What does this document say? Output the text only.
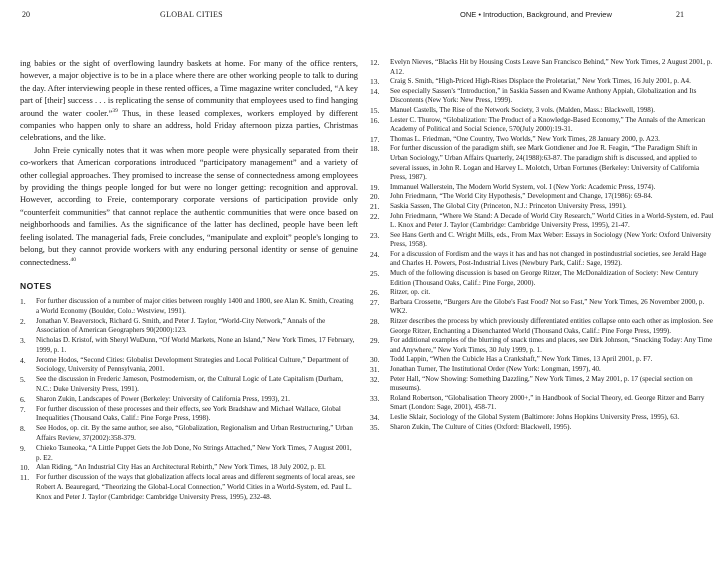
20	GLOBAL CITIES	ONE • Introduction, Background, and Preview	21

ing babies or the sight of overflowing laundry baskets at home. For many of the office renters, however, a major objective is to be in a place where there are other working people to talk to during the day. After interviewing people in these rented offices, a Time magazine writer concluded, “A key part of [their] success . . . is replicating the sense of community that employees used to find hanging around the water cooler.”$^{39}$ Thus, in these leased complexes, workers employed by different companies who happen only to share an address, hold Friday afternoon pizza parties, Christmas celebrations, and the like.

John Freie cynically notes that it was when more people were physically separated from their co-workers that American corporations introduced “participatory management” and a variety of other collegial approaches. They promised to increase the sense of connectedness among employees by providing the things people longed for but were no longer getting: recognition and approval. However, according to Freie, contemporary corporate versions of participation provide only “counterfeit communities” that cannot replace the authentic communities that were once based on neighborhoods and families. As the significance of the latter has declined, people have been left feeling isolated. The managerial fads, Freie concludes, “manipulate and exploit” people's longing to belong, but they cannot provide workers with any enduring personal identity or sense of genuine connectedness.$^{40}$

NOTES

1. For further discussion of a number of major cities between roughly 1400 and 1800, see Alan K. Smith, Creating a World Economy (Boulder, Colo.: Westview, 1991).

2. Jonathan V. Beaverstock, Richard G. Smith, and Peter J. Taylor, “World-City Network,” Annals of the Association of American Geographers 90(2000):123.

3. Nicholas D. Kristof, with Sheryl WuDunn, “Of World Markets, None an Island,” New York Times, 17 February, 1999, p. 1.

4. Jerome Hodos, “Second Cities: Globalist Development Strategies and Local Political Culture,” Department of Sociology, University of Pennsylvania, 2001.

5. See the discussion in Frederic Jameson, Postmodernism, or, the Cultural Logic of Late Capitalism (Durham, N.C.: Duke University Press, 1991).

6. Sharon Zukin, Landscapes of Power (Berkeley: University of California Press, 1993), 21.

7. For further discussion of these processes and their effects, see York Bradshaw and Michael Wallace, Global Inequalities (Thousand Oaks, Calif.: Pine Forge Press, 1998).

8. See Hodos, op. cit. By the same author, see also, “Globalization, Regionalism and Urban Restructuring,” Urban Affairs Review, 37(2002):358-379.

9. Chieko Tsuneoka, “A Little Puppet Gets the Job Done, No Strings Attached,” New York Times, 7 August 2001, p. E2.

10. Alan Riding, “An Industrial City Has an Architectural Rebirth,” New York Times, 18 July 2002, p. El.

11. For further discussion of the ways that globalization affects local areas and different segments of local areas, see Robert A. Beauregard, “Theorizing the Global-Local Connection,” World Cities in a World-System, ed. Paul L. Knox and Peter J. Taylor (Cambridge: Cambridge University Press, 1995), 232-48.

12. Evelyn Nieves, “Blacks Hit by Housing Costs Leave San Francisco Behind,” New York Times, 2 August 2001, p. A12.

13. Craig S. Smith, “High-Priced High-Rises Displace the Proletariat,” New York Times, 16 July 2001, p. A4.

14. See especially Sassen's “Introduction,” in Saskia Sassen and Kwame Anthony Appiah, Globalization and Its Discontents (New York: New Press, 1999).

15. Manuel Castells, The Rise of the Network Society, 3 vols. (Malden, Mass.: Blackwell, 1998).

16. Lester C. Thurow, “Globalization: The Product of a Knowledge-Based Economy,” The Annals of the American Academy of Political and Social Science, 570(July 2000):19-31.

17. Thomas L. Friedman, “One Country, Two Worlds,” New York Times, 28 January 2000, p. A23.

18. For further discussion of the paradigm shift, see Mark Gottdiener and Joe R. Feagin, “The Paradigm Shift in Urban Sociology,” Urban Affairs Quarterly, 24(1988):63-87. The paradigm shift is discussed, and applied to several issues, in John R. Logan and Harvey L. Molotch, Urban Fortunes (Berkeley: University of California Press, 1987).

19. Immanuel Wallerstein, The Modern World System, vol. I (New York: Academic Press, 1974).

20. John Friedmann, “The World City Hypothesis,” Development and Change, 17(1986): 69-84.

21. Saskia Sassen, The Global City (Princeton, N.J.: Princeton University Press, 1991).

22. John Friedmann, “Where We Stand: A Decade of World City Research,” World Cities in a World-System, ed. Paul L. Knox and Peter J. Taylor (Cambridge: Cambridge University Press, 1995), 21-47.

23. See Hans Gerth and C. Wright Mills, eds., From Max Weber: Essays in Sociology (New York: Oxford University Press, 1958).

24. For a discussion of Fordism and the ways it has and has not changed in postindustrial societies, see Jerald Hage and Charles H. Powers, Post-Industrial Lives (Newbury Park, Calif.: Sage, 1992).

25. Much of the following discussion is based on George Ritzer, The McDonaldization of Society: New Century Edition (Thousand Oaks, Calif.: Pine Forge, 2000).

26. Ritzer, op. cit.

27. Barbara Crossette, “Burgers Are the Globe's Fast Food? Not so Fast,” New York Times, 26 November 2000, p. WK2.

28. Ritzer describes the process by which previously differentiated entities collapse onto each other as implosion. See George Ritzer, Enchanting a Disenchanted World (Thousand Oaks, Calif.: Pine Forge Press, 1999).

29. For additional examples of the blurring of snack times and places, see Dirk Johnson, “Snacking Today: Any Time and Anywhere,” New York Times, 30 July 1999, p. 1.

30. Todd Lappin, “When the Cubicle Has a Crankshaft,” New York Times, 13 April 2001, p. F7.

31. Jonathan Turner, The Institutional Order (New York: Longman, 1997), 40.

32. Peter Hall, “Now Showing: Something Dazzling,” New York Times, 2 May 2001, p. 17 (special section on museums).

33. Roland Robertson, “Globalisation Theory 2000+,” in Handbook of Social Theory, ed. George Ritzer and Barry Smart (London: Sage, 2001), 458-71.

34. Leslie Sklair, Sociology of the Global System (Baltimore: Johns Hopkins University Press, 1995), 63.

35. Sharon Zukin, The Culture of Cities (Oxford: Blackwell, 1995).
